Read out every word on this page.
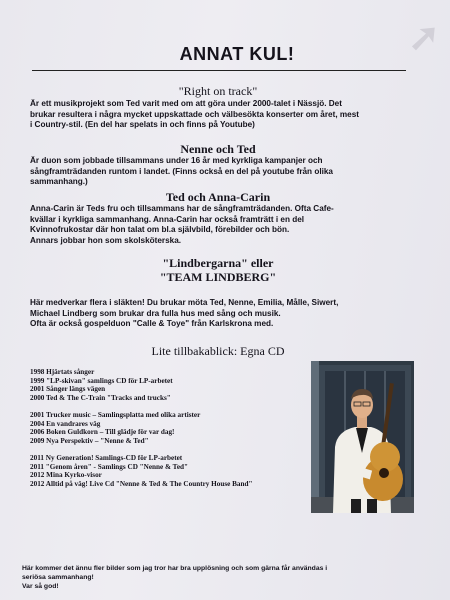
➚
ANNAT KUL!
"Right on track"
Är ett musikprojekt som Ted varit med om att göra under 2000-talet i Nässjö. Det
brukar resultera i några mycket uppskattade och välbesökta konserter om året, mest
i Country-stil. (En del har spelats in och finns på Youtube)
Nenne och Ted
Är duon som jobbade tillsammans under 16 år med kyrkliga kampanjer och
sångframträdanden runtom i landet. (Finns också en del på youtube från olika
sammanhang.)
Ted och Anna-Carin
Anna-Carin är Teds fru och tillsammans har de sångframträdanden. Ofta Cafe-
kvällar i kyrkliga sammanhang. Anna-Carin har också framträtt i en del
Kvinnofrukostar där hon talat om bl.a självbild, förebilder och bön.
Annars jobbar hon som skolsköterska.
"Lindbergarna" eller
"TEAM LINDBERG"
Här medverkar flera i släkten! Du brukar möta Ted, Nenne, Emilia, Målle, Siwert,
Michael Lindberg som brukar dra fulla hus med sång och musik.
Ofta är också gospelduon "Calle & Toye" från Karlskrona med.
Lite tillbakablick: Egna CD
1998 Hjärtats sånger
1999 "LP-skivan" samlings CD för LP-arbetet
2001 Sånger längs vägen
2000 Ted & The C-Train "Tracks and trucks"

2001 Trucker music – Samlingsplatta med olika artister
2004 En vandrares väg
2006 Boken Guldkorn – Till glädje för var dag!
2009 Nya Perspektiv – "Nenne & Ted"

2011 Ny Generation! Samlings-CD för LP-arbetet
2011 "Genom åren" - Samlings CD "Nenne & Ted"
2012 Mina Kyrko-visor
2012 Alltid på väg! Live Cd "Nenne & Ted & The Country House Band"
Här kommer det ännu fler bilder som jag tror har bra upplösning och som gärna får användas i
seriösa sammanhang!
Var så god!
